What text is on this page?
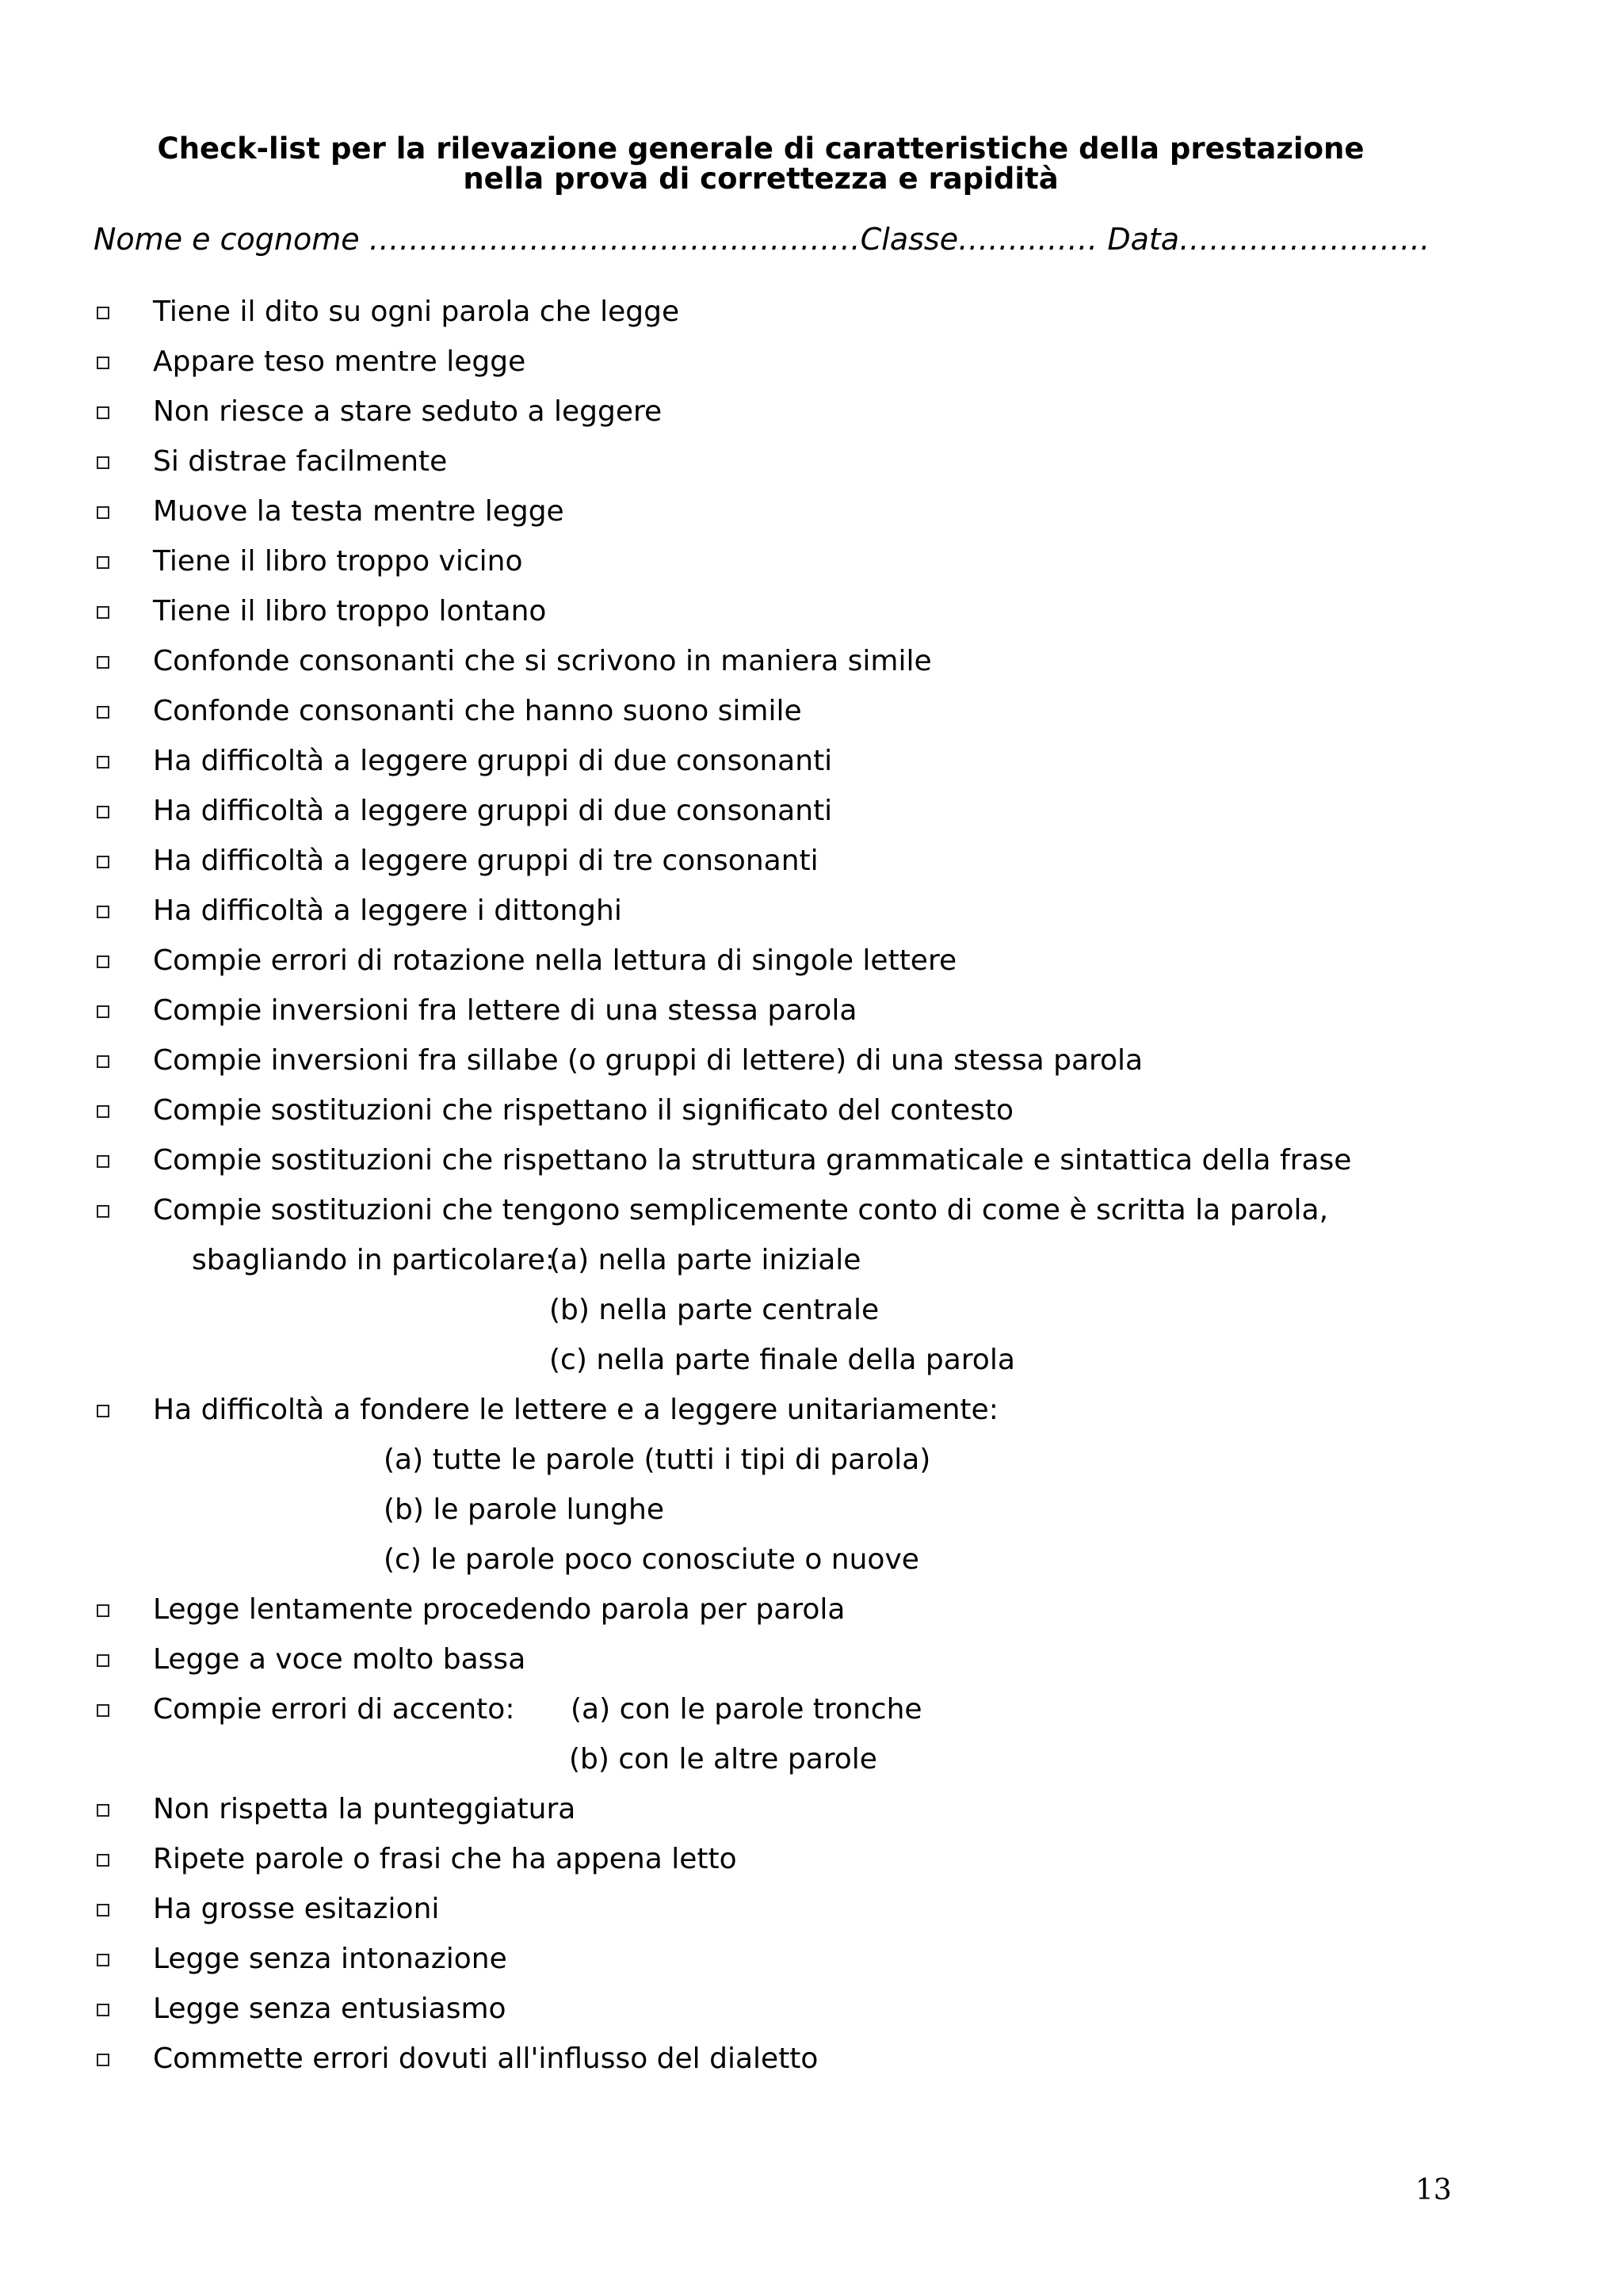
Check-list per la rilevazione generale di caratteristiche della prestazione
nella prova di correttezza e rapidità
Nome e cognome ……………………………….…………Classe……..…… Data…………………….
Tiene il dito su ogni parola che legge
Appare teso mentre legge
Non riesce a stare seduto a leggere
Si distrae facilmente
Muove la testa mentre legge
Tiene il libro troppo vicino
Tiene il libro troppo lontano
Confonde consonanti che si scrivono in maniera simile
Confonde consonanti che hanno suono simile
Ha difficoltà a leggere gruppi di due consonanti
Ha difficoltà a leggere gruppi di due consonanti
Ha difficoltà a leggere gruppi di tre consonanti
Ha difficoltà a leggere i dittonghi
Compie errori di rotazione nella lettura di singole lettere
Compie inversioni fra lettere di una stessa parola
Compie inversioni fra sillabe (o gruppi di lettere) di una stessa parola
Compie sostituzioni che rispettano il significato del contesto
Compie sostituzioni che rispettano la struttura grammaticale e sintattica della frase
Compie sostituzioni che tengono semplicemente conto di come è scritta la parola,
sbagliando in particolare:
(a) nella parte iniziale
(b) nella parte centrale
(c) nella parte finale della parola
Ha difficoltà a fondere le lettere e a leggere unitariamente:
(a) tutte le parole (tutti i tipi di parola)
(b) le parole lunghe
(c) le parole poco conosciute o nuove
Legge lentamente procedendo parola per parola
Legge a voce molto bassa
Compie errori di accento: (a) con le parole tronche
(b) con le altre parole
Non rispetta la punteggiatura
Ripete parole o frasi che ha appena letto
Ha grosse esitazioni
Legge senza intonazione
Legge senza entusiasmo
Commette errori dovuti all'influsso del dialetto
13
